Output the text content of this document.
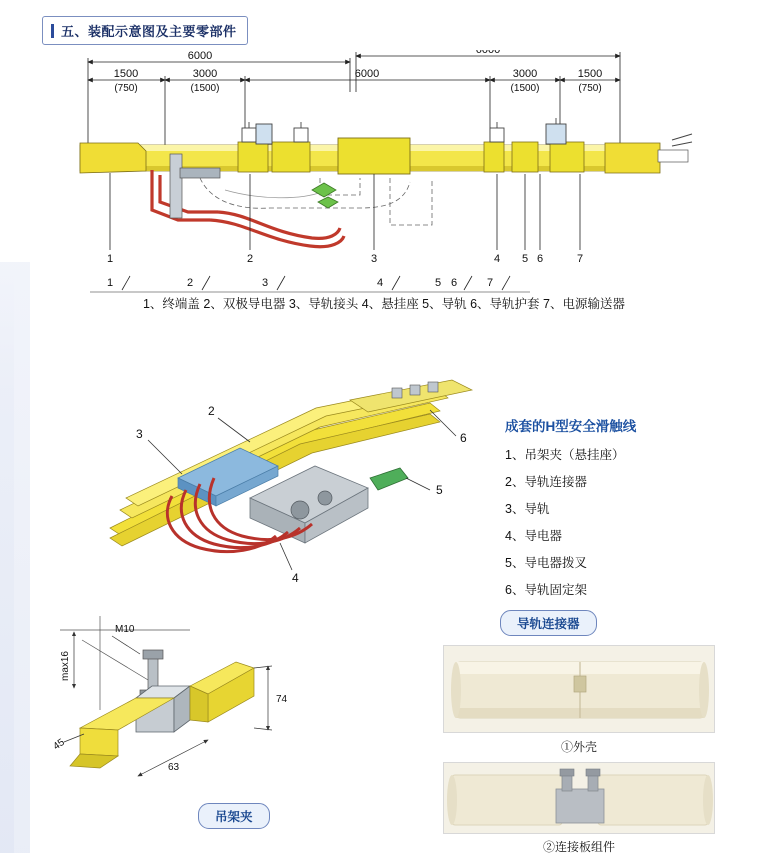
五、装配示意图及主要零部件
6000	6000
1500
(750)
3000
(1500)
6000	3000
(1500)
1500
(750)
1	2	3	4 5 6	7
1	2	3	4	5 6	7
1、终端盖 2、双极导电器 3、导轨接头 4、悬挂座 5、导轨 6、导轨护套 7、电源输送器
2
3	6
5
4
成套的H型安全滑触线
1、吊架夹（悬挂座）
2、导轨连接器
3、导轨
4、导电器
5、导电器拨叉
6、导轨固定架
max16
M10
74
63
45
吊架夹
导轨连接器
①外壳
②连接板组件
